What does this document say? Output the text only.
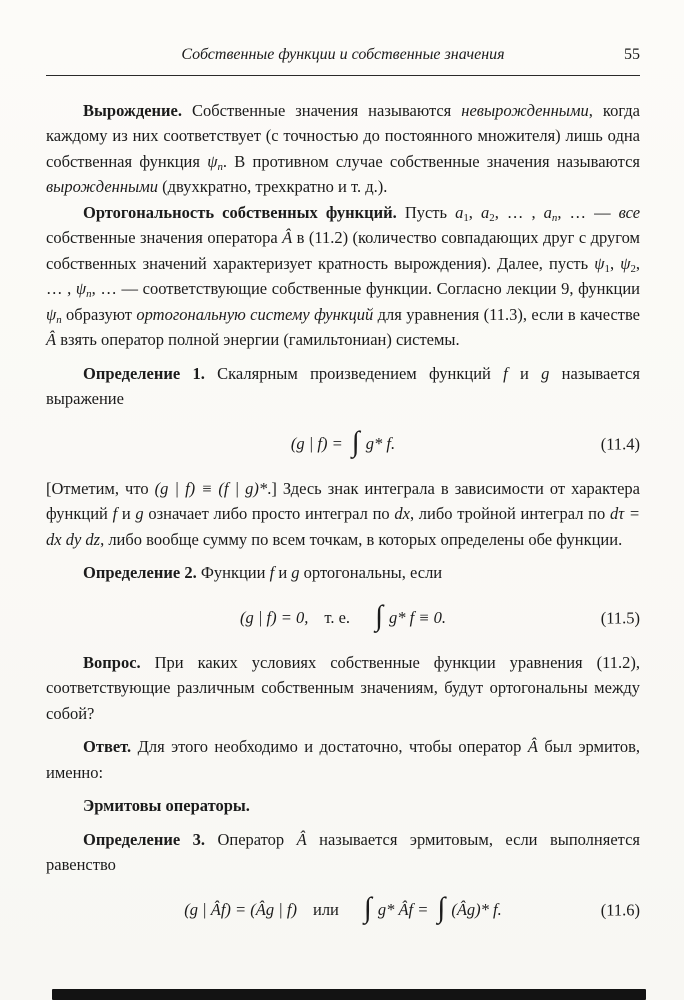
Собственные функции и собственные значения	55

Вырождение. Собственные значения называются невырожденными, когда каждому из них соответствует (с точностью до постоянного множителя) лишь одна собственная функция $\psi_n$. В противном случае собственные значения называются вырожденными (двухкратно, трехкратно и т. д.).

Ортогональность собственных функций. Пусть $a_1$, $a_2$, … , $a_n$, … — все собственные значения оператора Â в (11.2) (количество совпадающих друг с другом собственных значений характеризует кратность вырождения). Далее, пусть $\psi_1$, $\psi_2$, … , $\psi_n$, … — соответствующие собственные функции. Согласно лекции 9, функции $\psi_n$ образуют ортогональную систему функций для уравнения (11.3), если в качестве Â взять оператор полной энергии (гамильтониан) системы.

Определение 1. Скалярным произведением функций f и g называется выражение

(g | f) = ∫ g* f.	(11.4)

[Отметим, что (g | f) ≡ (f | g)*.] Здесь знак интеграла в зависимости от характера функций f и g означает либо просто интеграл по dx, либо тройной интеграл по dτ = dx dy dz, либо вообще сумму по всем точкам, в которых определены обе функции.

Определение 2. Функции f и g ортогональны, если

(g | f) = 0, т. е. ∫ g* f ≡ 0.	(11.5)

Вопрос. При каких условиях собственные функции уравнения (11.2), соответствующие различным собственным значениям, будут ортогональны между собой?

Ответ. Для этого необходимо и достаточно, чтобы оператор Â был эрмитов, именно:

Эрмитовы операторы.

Определение 3. Оператор Â называется эрмитовым, если выполняется равенство

(g | Âf) = (Âg | f) или ∫ g* Âf = ∫ (Âg)* f.	(11.6)
